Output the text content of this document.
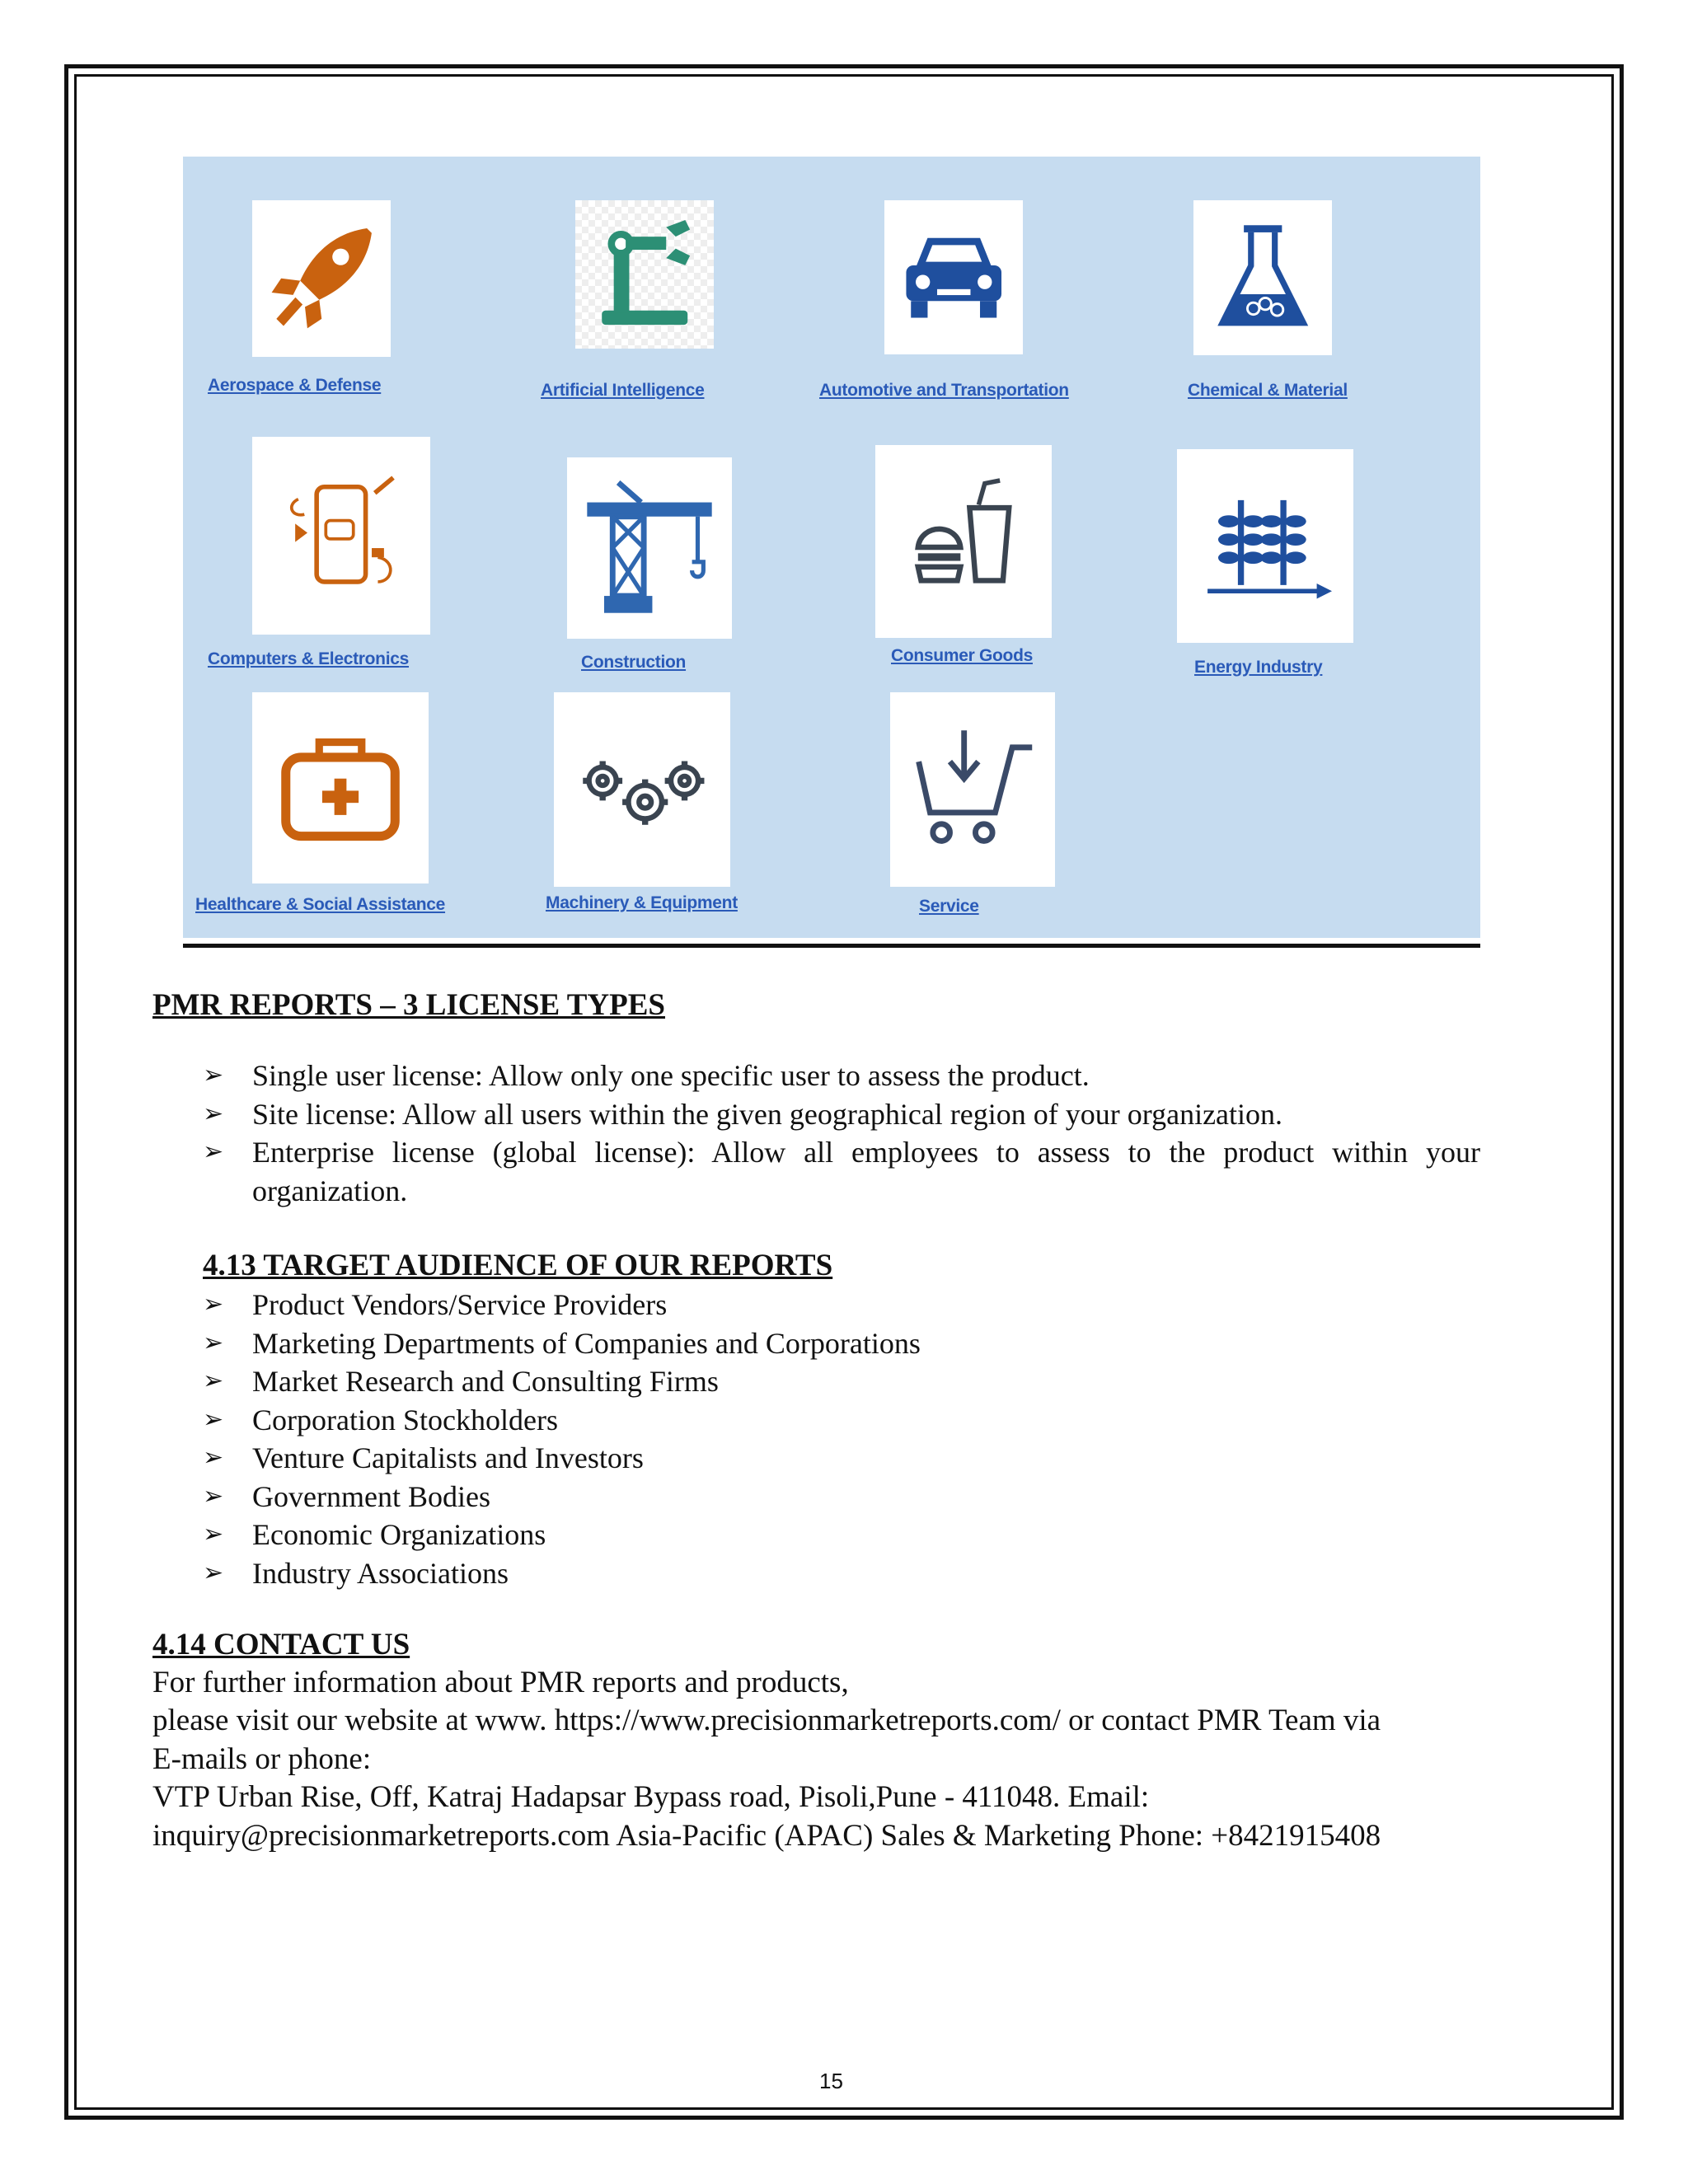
Aerospace & Defense	Artificial Intelligence	Automotive and Transportation	Chemical & Material
Computers & Electronics	Construction	Consumer Goods
Energy Industry
Healthcare & Social Assistance	Machinery & Equipment	Service
PMR REPORTS – 3 LICENSE TYPES
➢ Single user license: Allow only one specific user to assess the product.
➢ Site license: Allow all users within the given geographical region of your organization.
➢ Enterprise license (global license): Allow all employees to assess to the product within your organization.
4.13 TARGET AUDIENCE OF OUR REPORTS
➢ Product Vendors/Service Providers
➢ Marketing Departments of Companies and Corporations
➢ Market Research and Consulting Firms
➢ Corporation Stockholders
➢ Venture Capitalists and Investors
➢ Government Bodies
➢ Economic Organizations
➢ Industry Associations
4.14 CONTACT US
For further information about PMR reports and products,
please visit our website at www. https://www.precisionmarketreports.com/ or contact PMR Team via
E-mails or phone:
VTP Urban Rise, Off, Katraj Hadapsar Bypass road, Pisoli,Pune - 411048. Email:
inquiry@precisionmarketreports.com Asia-Pacific (APAC) Sales & Marketing Phone: +8421915408
15
